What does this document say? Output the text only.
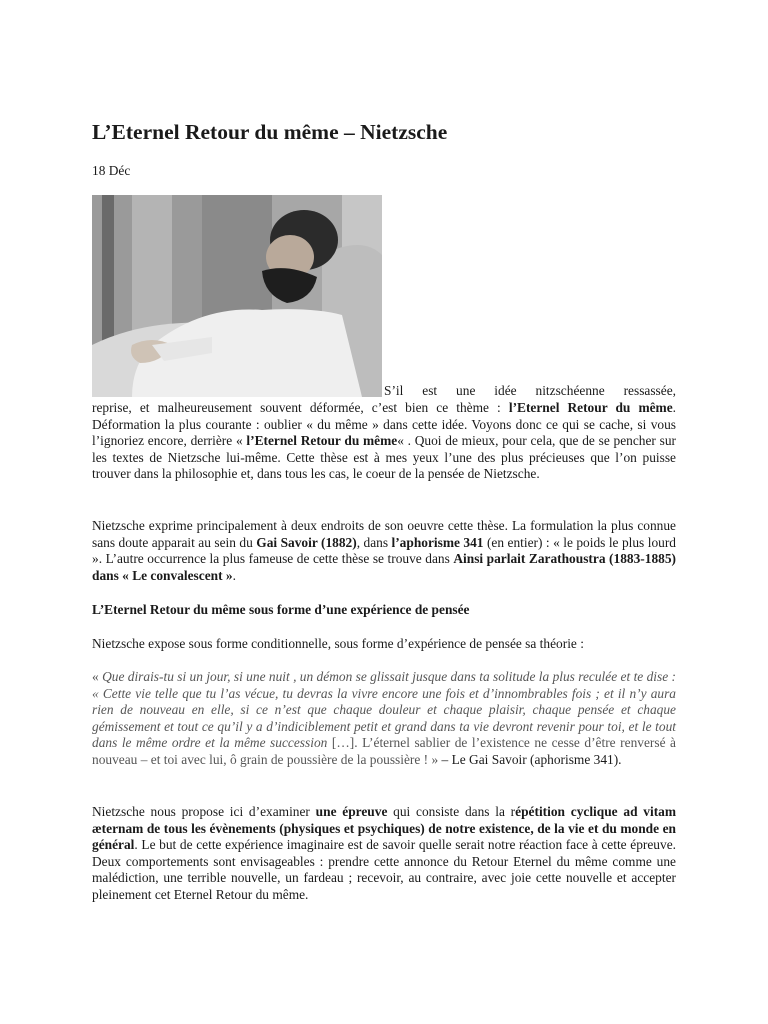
L’Eternel Retour du même – Nietzsche
18 Déc

S’il est une idée nitzschéenne ressassée,

reprise, et malheureusement souvent déformée, c’est bien ce thème : l’Eternel Retour du même. Déformation la plus courante : oublier « du même » dans cette idée. Voyons donc ce qui se cache, si vous l’ignoriez encore, derrière « l’Eternel Retour du même« . Quoi de mieux, pour cela, que de se pencher sur les textes de Nietzsche lui-même. Cette thèse est à mes yeux l’une des plus précieuses que l’on puisse trouver dans la philosophie et, dans tous les cas, le coeur de la pensée de Nietzsche.

Nietzsche exprime principalement à deux endroits de son oeuvre cette thèse. La formulation la plus connue sans doute apparait au sein du Gai Savoir (1882), dans l’aphorisme 341 (en entier) : « le poids le plus lourd ». L’autre occurrence la plus fameuse de cette thèse se trouve dans Ainsi parlait Zarathoustra (1883-1885) dans « Le convalescent ».

L’Eternel Retour du même sous forme d’une expérience de pensée

Nietzsche expose sous forme conditionnelle, sous forme d’expérience de pensée sa théorie :

« Que dirais-tu si un jour, si une nuit , un démon se glissait jusque dans ta solitude la plus reculée et te dise : « Cette vie telle que tu l’as vécue, tu devras la vivre encore une fois et d’innombrables fois ; et il n’y aura rien de nouveau en elle, si ce n’est que chaque douleur et chaque plaisir, chaque pensée et chaque gémissement et tout ce qu’il y a d’indiciblement petit et grand dans ta vie devront revenir pour toi, et le tout dans le même ordre et la même succession […]. L’éternel sablier de l’existence ne cesse d’être renversé à nouveau – et toi avec lui, ô grain de poussière de la poussière ! » – Le Gai Savoir (aphorisme 341).

Nietzsche nous propose ici d’examiner une épreuve qui consiste dans la répétition cyclique ad vitam æternam de tous les évènements (physiques et psychiques) de notre existence, de la vie et du monde en général. Le but de cette expérience imaginaire est de savoir quelle serait notre réaction face à cette épreuve. Deux comportements sont envisageables : prendre cette annonce du Retour Eternel du même comme une malédiction, une terrible nouvelle, un fardeau ; recevoir, au contraire, avec joie cette nouvelle et accepter pleinement cet Eternel Retour du même.
